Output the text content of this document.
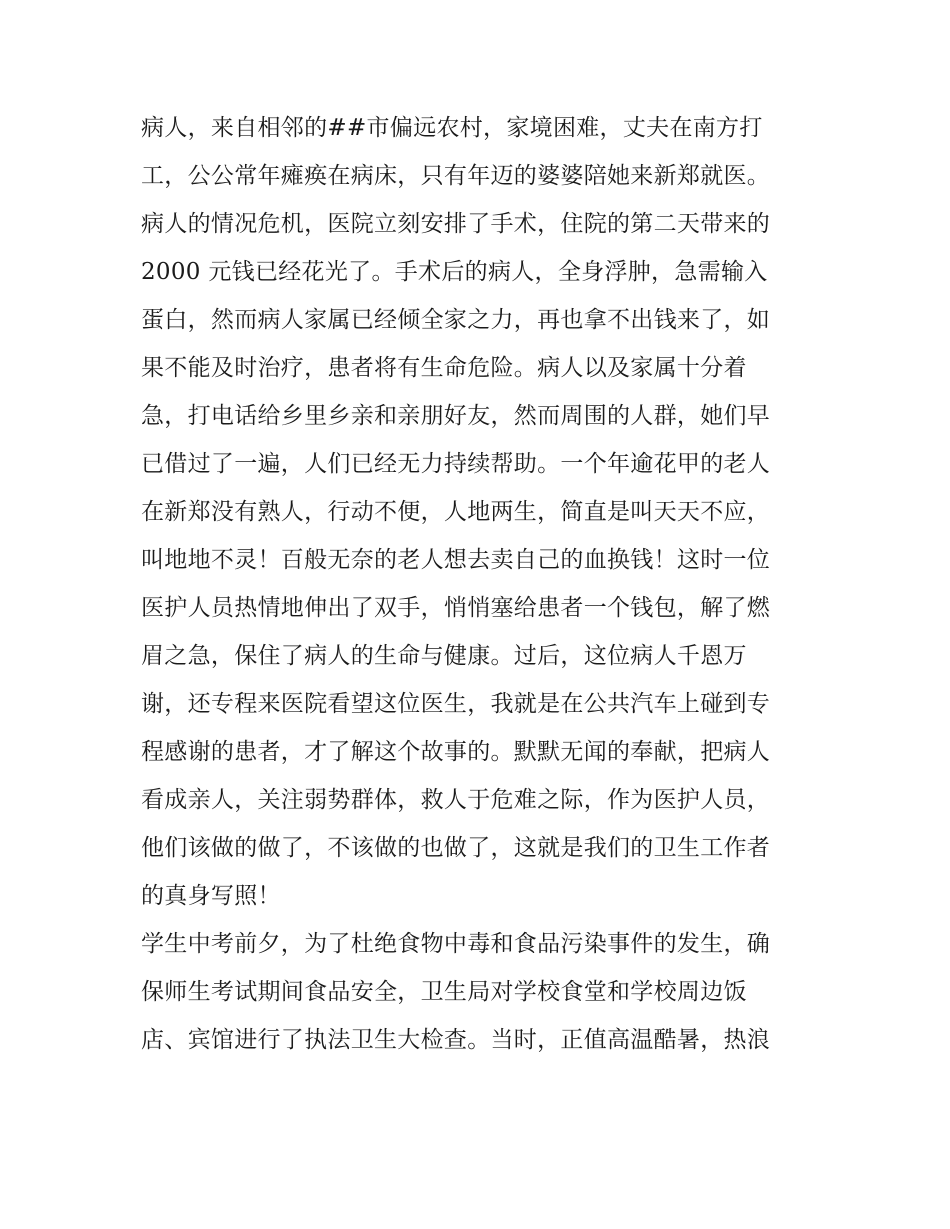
病人，来自相邻的##市偏远农村，家境困难，丈夫在南方打
工，公公常年瘫痪在病床，只有年迈的婆婆陪她来新郑就医。
病人的情况危机，医院立刻安排了手术，住院的第二天带来的
2000 元钱已经花光了。手术后的病人，全身浮肿，急需输入
蛋白，然而病人家属已经倾全家之力，再也拿不出钱来了，如
果不能及时治疗，患者将有生命危险。病人以及家属十分着
急，打电话给乡里乡亲和亲朋好友，然而周围的人群，她们早
已借过了一遍，人们已经无力持续帮助。一个年逾花甲的老人
在新郑没有熟人，行动不便，人地两生，简直是叫天天不应，
叫地地不灵！百般无奈的老人想去卖自己的血换钱！这时一位
医护人员热情地伸出了双手，悄悄塞给患者一个钱包，解了燃
眉之急，保住了病人的生命与健康。过后，这位病人千恩万
谢，还专程来医院看望这位医生，我就是在公共汽车上碰到专
程感谢的患者，才了解这个故事的。默默无闻的奉献，把病人
看成亲人，关注弱势群体，救人于危难之际，作为医护人员，
他们该做的做了，不该做的也做了，这就是我们的卫生工作者
的真身写照！
学生中考前夕，为了杜绝食物中毒和食品污染事件的发生，确
保师生考试期间食品安全，卫生局对学校食堂和学校周边饭
店、宾馆进行了执法卫生大检查。当时，正值高温酷暑，热浪
